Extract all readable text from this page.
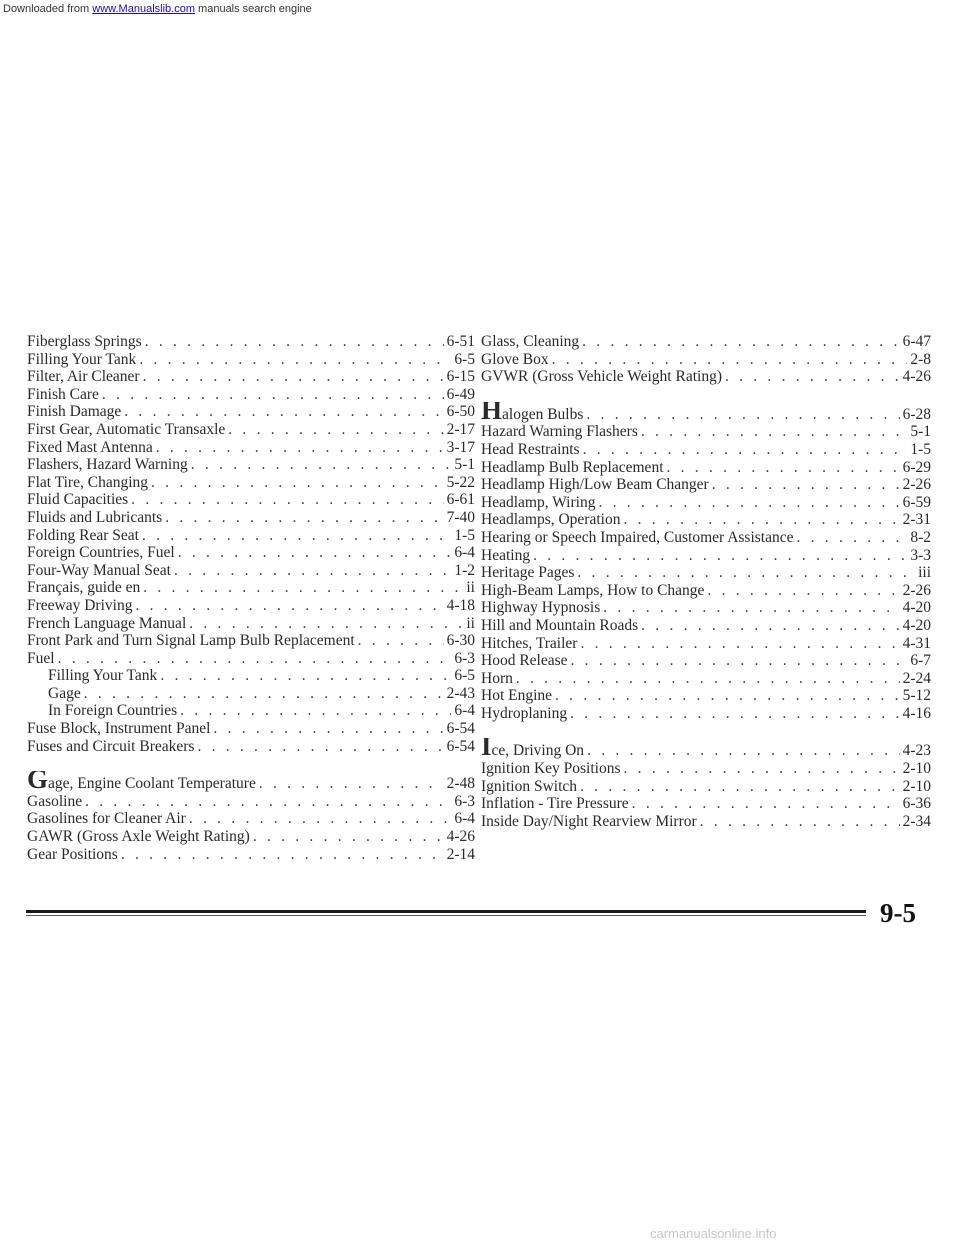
Downloaded from www.Manualslib.com manuals search engine
Fiberglass Springs . . .	6-51
Filling Your Tank . . .	6-5
Filter, Air Cleaner . . .	6-15
Finish Care . . .	6-49
Finish Damage . . .	6-50
First Gear, Automatic Transaxle . . .	2-17
Fixed Mast Antenna . . .	3-17
Flashers, Hazard Warning . . .	5-1
Flat Tire, Changing . . .	5-22
Fluid Capacities . . .	6-61
Fluids and Lubricants . . .	7-40
Folding Rear Seat . . .	1-5
Foreign Countries, Fuel . . .	6-4
Four-Way Manual Seat . . .	1-2
Français, guide en . . .	ii
Freeway Driving . . .	4-18
French Language Manual . . .	ii
Front Park and Turn Signal Lamp Bulb Replacement . . .	6-30
Fuel . . .	6-3
Filling Your Tank . . .	6-5
Gage . . .	2-43
In Foreign Countries . . .	6-4
Fuse Block, Instrument Panel . . .	6-54
Fuses and Circuit Breakers . . .	6-54
Gage, Engine Coolant Temperature . . .	2-48
Gasoline . . .	6-3
Gasolines for Cleaner Air . . .	6-4
GAWR (Gross Axle Weight Rating) . . .	4-26
Gear Positions . . .	2-14
Glass, Cleaning . . .	6-47
Glove Box . . .	2-8
GVWR (Gross Vehicle Weight Rating) . . .	4-26
Halogen Bulbs . . .	6-28
Hazard Warning Flashers . . .	5-1
Head Restraints . . .	1-5
Headlamp Bulb Replacement . . .	6-29
Headlamp High/Low Beam Changer . . .	2-26
Headlamp, Wiring . . .	6-59
Headlamps, Operation . . .	2-31
Hearing or Speech Impaired, Customer Assistance . . .	8-2
Heating . . .	3-3
Heritage Pages . . .	iii
High-Beam Lamps, How to Change . . .	2-26
Highway Hypnosis . . .	4-20
Hill and Mountain Roads . . .	4-20
Hitches, Trailer . . .	4-31
Hood Release . . .	6-7
Horn . . .	2-24
Hot Engine . . .	5-12
Hydroplaning . . .	4-16
Ice, Driving On . . .	4-23
Ignition Key Positions . . .	2-10
Ignition Switch . . .	2-10
Inflation - Tire Pressure . . .	6-36
Inside Day/Night Rearview Mirror . . .	2-34
9-5
carmanualsonline.info
